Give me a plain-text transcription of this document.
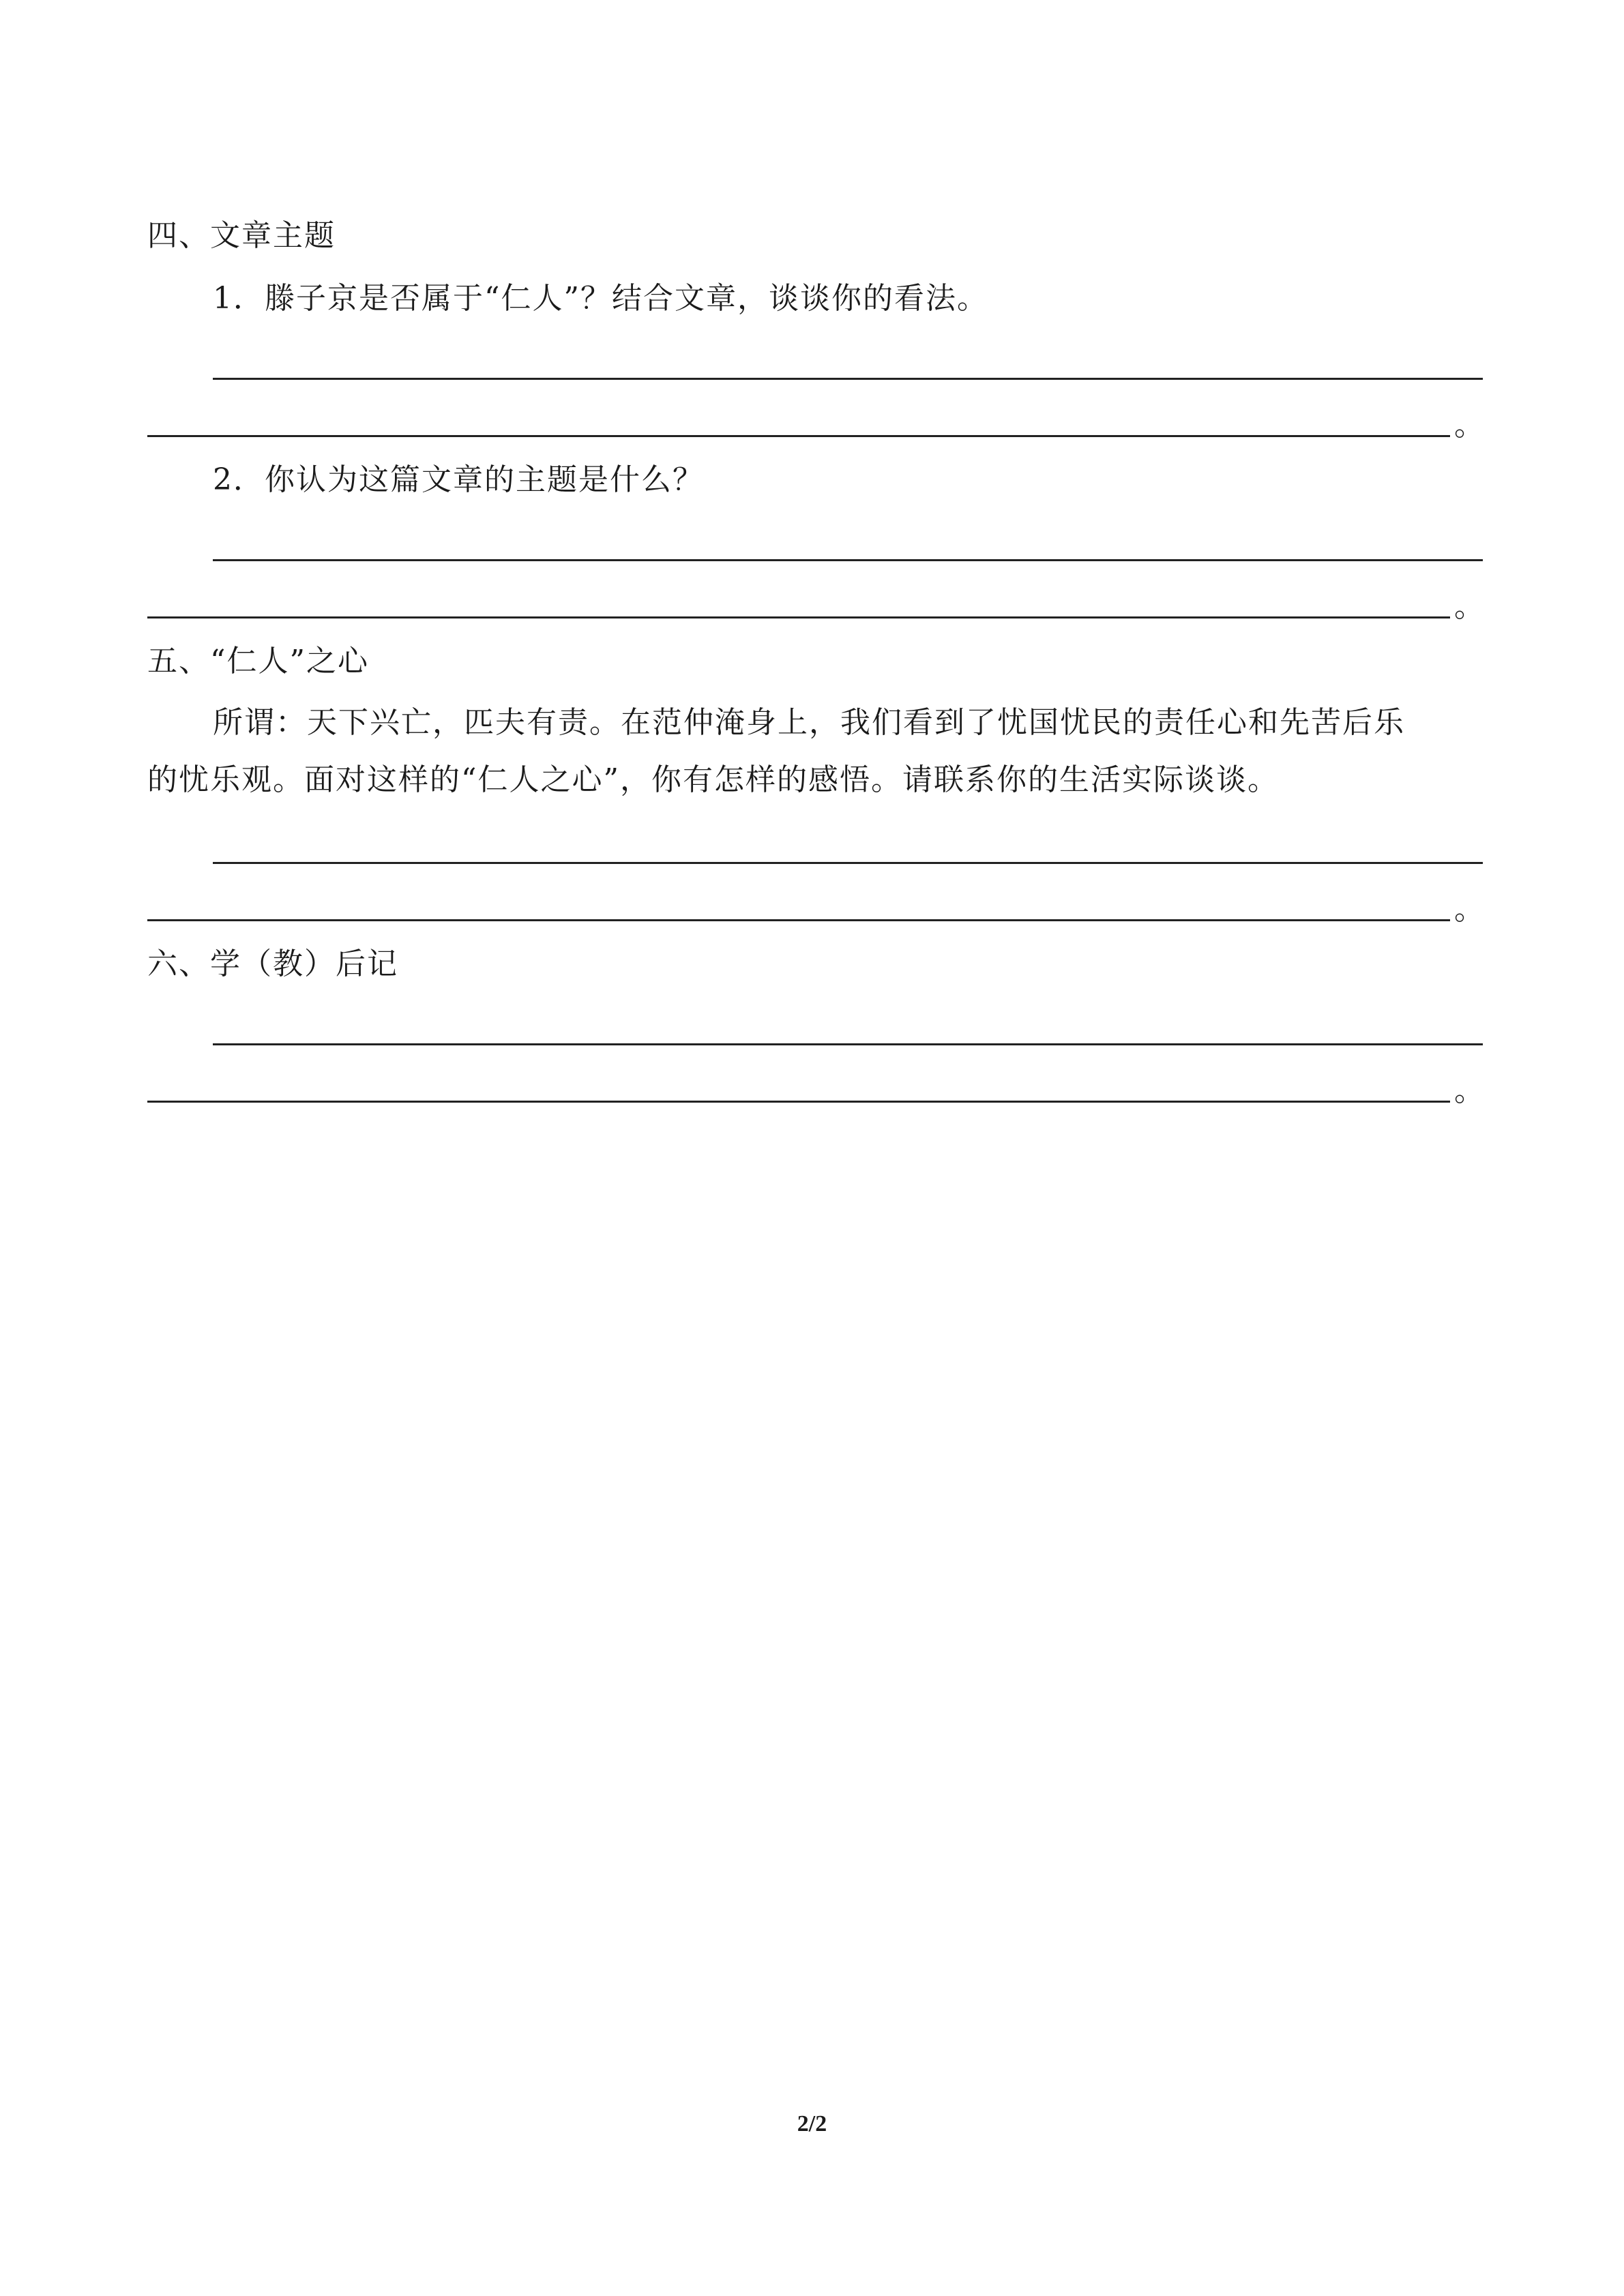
四、文章主题
1．滕子京是否属于“仁人”？结合文章，谈谈你的看法。
。
2．你认为这篇文章的主题是什么？
。
五、“仁人”之心
所谓：天下兴亡，匹夫有责。在范仲淹身上，我们看到了忧国忧民的责任心和先苦后乐
的忧乐观。面对这样的“仁人之心”，你有怎样的感悟。请联系你的生活实际谈谈。
。
六、学（教）后记
。
2/2
